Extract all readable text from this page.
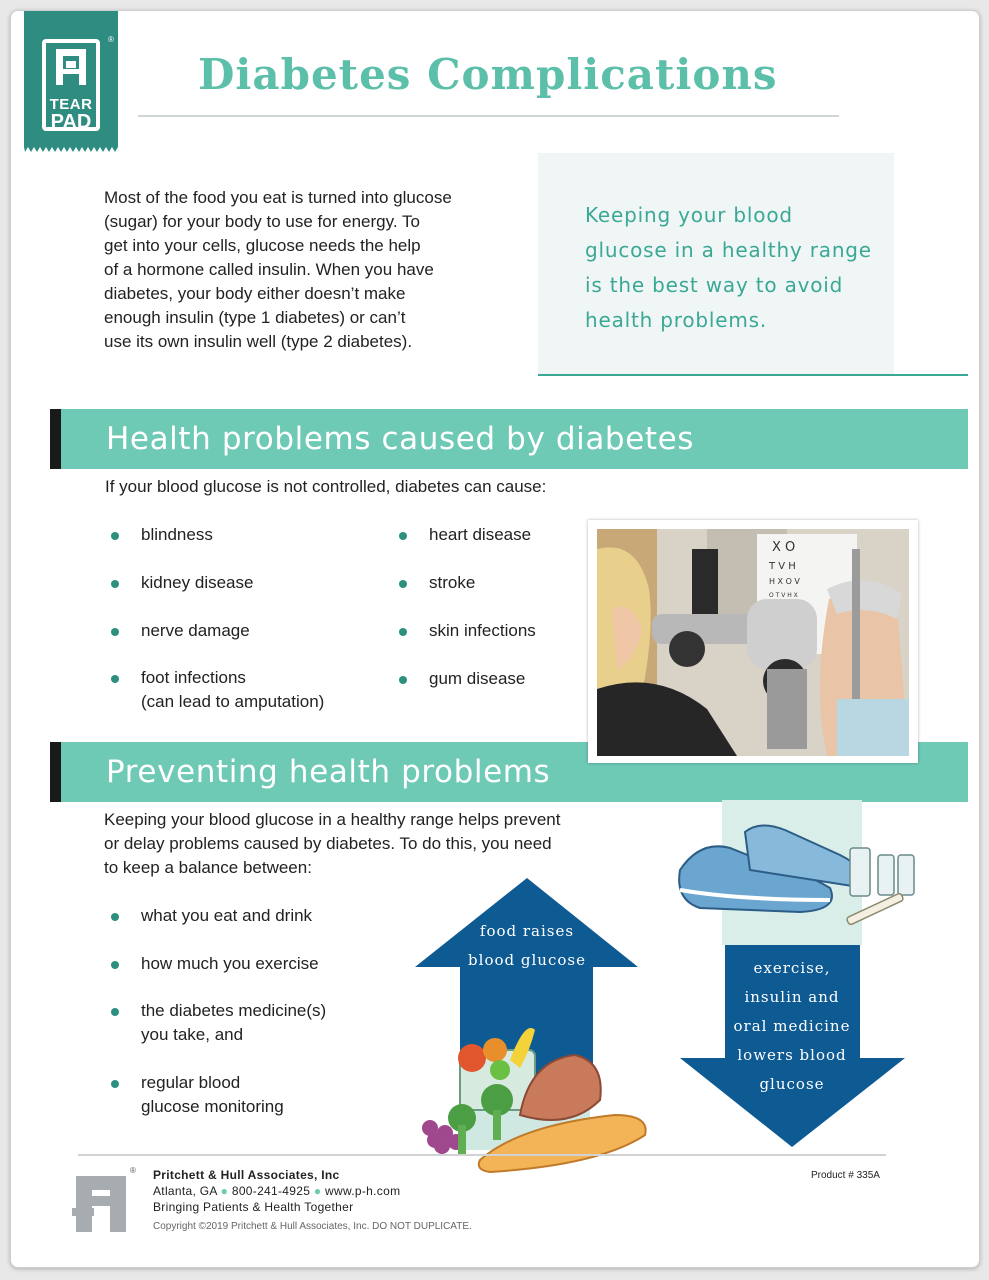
TEAR
PAD
®
Diabetes Complications
Most of the food you eat is turned into glucose
(sugar) for your body to use for energy. To
get into your cells, glucose needs the help
of a hormone called insulin. When you have
diabetes, your body either doesn’t make
enough insulin (type 1 diabetes) or can’t
use its own insulin well (type 2 diabetes).
Keeping your blood
glucose in a healthy range
is the best way to avoid
health problems.
Health problems caused by diabetes
If your blood glucose is not controlled, diabetes can cause:
blindness
kidney disease
nerve damage
foot infections
(can lead to amputation)
heart disease
stroke
skin infections
gum disease
Preventing health problems
X O
T V H
H X O V
O T V H X
Keeping your blood glucose in a healthy range helps prevent
or delay problems caused by diabetes. To do this, you need
to keep a balance between:
what you eat and drink
how much you exercise
the diabetes medicine(s)
you take, and
regular blood
glucose monitoring
food raises
blood glucose	exercise,
insulin and
oral medicine
lowers blood
glucose
® Pritchett & Hull Associates, Inc
Atlanta, GA ● 800-241-4925 ● www.p-h.com
Bringing Patients & Health Together
Copyright ©2019 Pritchett & Hull Associates, Inc. DO NOT DUPLICATE.
Product # 335A
